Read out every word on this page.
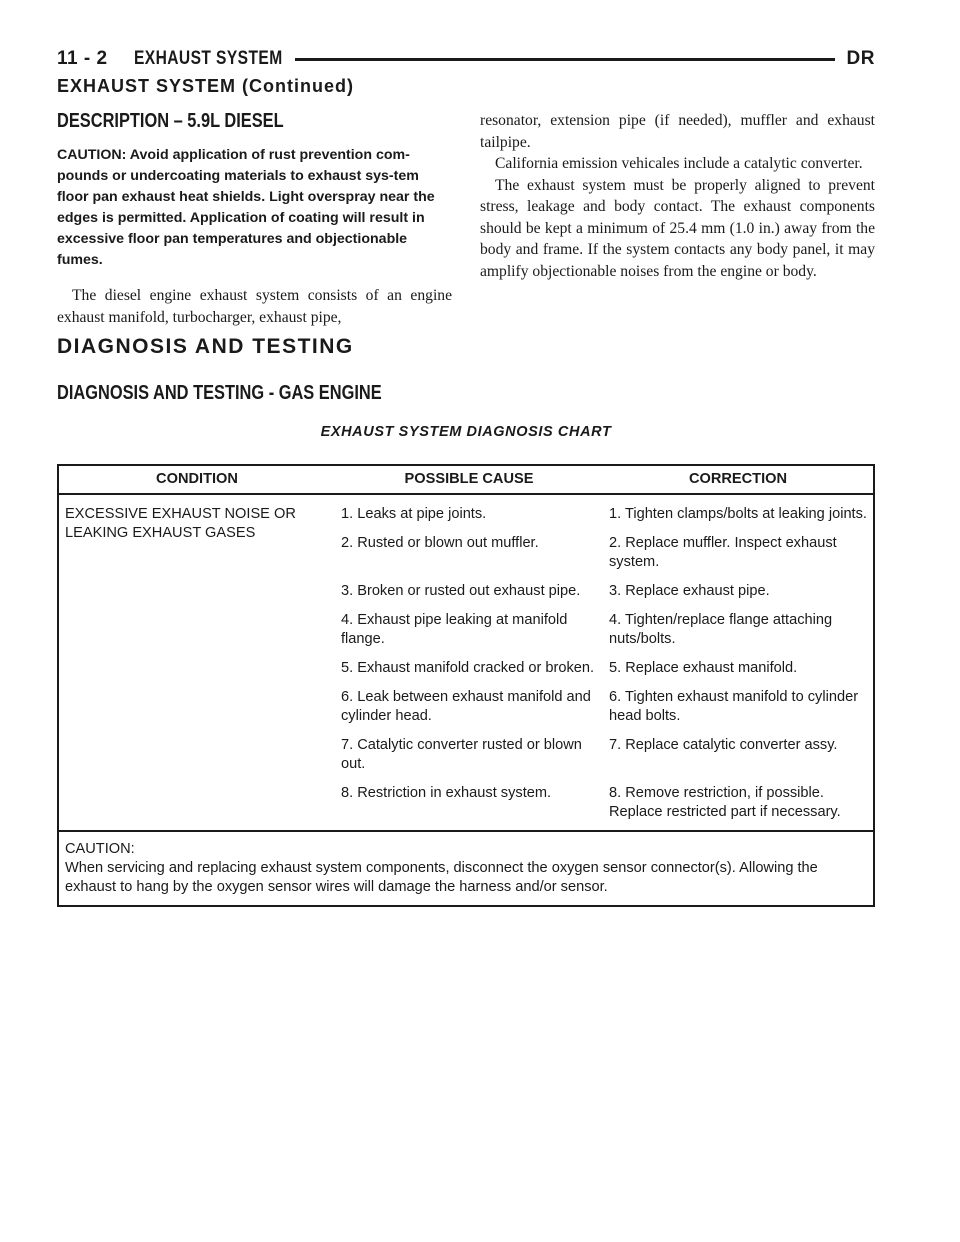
11 - 2 EXHAUST SYSTEM	DR
EXHAUST SYSTEM (Continued)
DESCRIPTION – 5.9L DIESEL

CAUTION: Avoid application of rust prevention com-pounds or undercoating materials to exhaust sys-tem floor pan exhaust heat shields. Light overspray near the edges is permitted. Application of coating will result in excessive floor pan temperatures and objectionable fumes.

The diesel engine exhaust system consists of an engine exhaust manifold, turbocharger, exhaust pipe,

resonator, extension pipe (if needed), muffler and exhaust tailpipe.

California emission vehicales include a catalytic converter.

The exhaust system must be properly aligned to prevent stress, leakage and body contact. The exhaust components should be kept a minimum of 25.4 mm (1.0 in.) away from the body and frame. If the system contacts any body panel, it may amplify objectionable noises from the engine or body.

DIAGNOSIS AND TESTING
DIAGNOSIS AND TESTING - GAS ENGINE
EXHAUST SYSTEM DIAGNOSIS CHART
CONDITION	POSSIBLE CAUSE	CORRECTION
EXCESSIVE EXHAUST NOISE OR LEAKING EXHAUST GASES	1. Leaks at pipe joints.	1. Tighten clamps/bolts at leaking joints.
	2. Rusted or blown out muffler.	2. Replace muffler. Inspect exhaust system.
	3. Broken or rusted out exhaust pipe.	3. Replace exhaust pipe.
	4. Exhaust pipe leaking at manifold flange.	4. Tighten/replace flange attaching nuts/bolts.
	5. Exhaust manifold cracked or broken.	5. Replace exhaust manifold.
	6. Leak between exhaust manifold and cylinder head.	6. Tighten exhaust manifold to cylinder head bolts.
	7. Catalytic converter rusted or blown out.	7. Replace catalytic converter assy.
	8. Restriction in exhaust system.	8. Remove restriction, if possible. Replace restricted part if necessary.

CAUTION:
When servicing and replacing exhaust system components, disconnect the oxygen sensor connector(s). Allowing the exhaust to hang by the oxygen sensor wires will damage the harness and/or sensor.		
